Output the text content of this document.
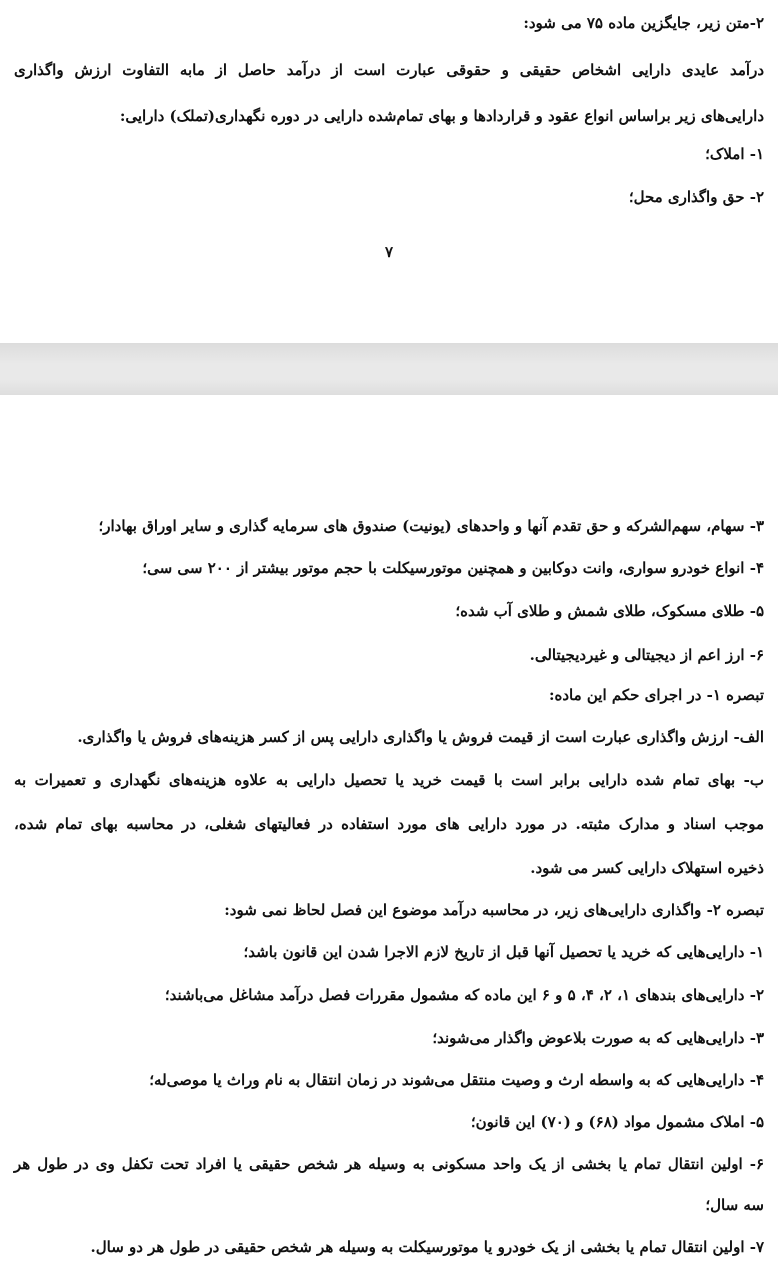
۲-متن زیر، جایگزین ماده ۷۵ می شود:
درآمد عایدی دارایی اشخاص حقیقی و حقوقی عبارت است از درآمد حاصل از مابه التفاوت ارزش واگذاری
دارایی‌های زیر براساس انواع عقود و قراردادها و بهای تمام‌شده دارایی در دوره نگهداری(تملک) دارایی:
۱- املاک؛
۲- حق واگذاری محل؛
۷
۳- سهام، سهم‌الشرکه و حق تقدم آنها و واحدهای (یونیت) صندوق های سرمایه گذاری و سایر اوراق بهادار؛
۴- انواع خودرو سواری، وانت دوکابین و همچنین موتورسیکلت با حجم موتور بیشتر از ۲۰۰ سی سی؛
۵- طلای مسکوک، طلای شمش و طلای آب شده؛
۶- ارز اعم از دیجیتالی و غیردیجیتالی.
تبصره ۱- در اجرای حکم این ماده:
الف- ارزش واگذاری عبارت است از قیمت فروش یا واگذاری دارایی پس از کسر هزینه‌های فروش یا واگذاری.
ب- بهای تمام شده دارایی برابر است با قیمت خرید یا تحصیل دارایی به علاوه هزینه‌های نگهداری و تعمیرات به
موجب اسناد و مدارک مثبته. در مورد دارایی های مورد استفاده در فعالیتهای شغلی، در محاسبه بهای تمام شده،
ذخیره استهلاک دارایی کسر می شود.
تبصره ۲- واگذاری دارایی‌های زیر، در محاسبه درآمد موضوع این فصل لحاظ نمی شود:
۱- دارایی‌هایی که خرید یا تحصیل آنها قبل از تاریخ لازم الاجرا شدن این قانون باشد؛
۲- دارایی‌های بندهای ۱، ۲، ۴، ۵ و ۶ این ماده که مشمول مقررات فصل درآمد مشاغل می‌باشند؛
۳- دارایی‌هایی که به صورت بلاعوض واگذار می‌شوند؛
۴- دارایی‌هایی که به واسطه ارث و وصیت منتقل می‌شوند در زمان انتقال به نام وراث یا موصی‌له؛
۵- املاک مشمول مواد (۶۸) و (۷۰) این قانون؛
۶- اولین انتقال تمام یا بخشی از یک واحد مسکونی به وسیله هر شخص حقیقی یا افراد تحت تکفل وی در طول هر
سه سال؛
۷- اولین انتقال تمام یا بخشی از یک خودرو یا موتورسیکلت به وسیله هر شخص حقیقی در طول هر دو سال.
